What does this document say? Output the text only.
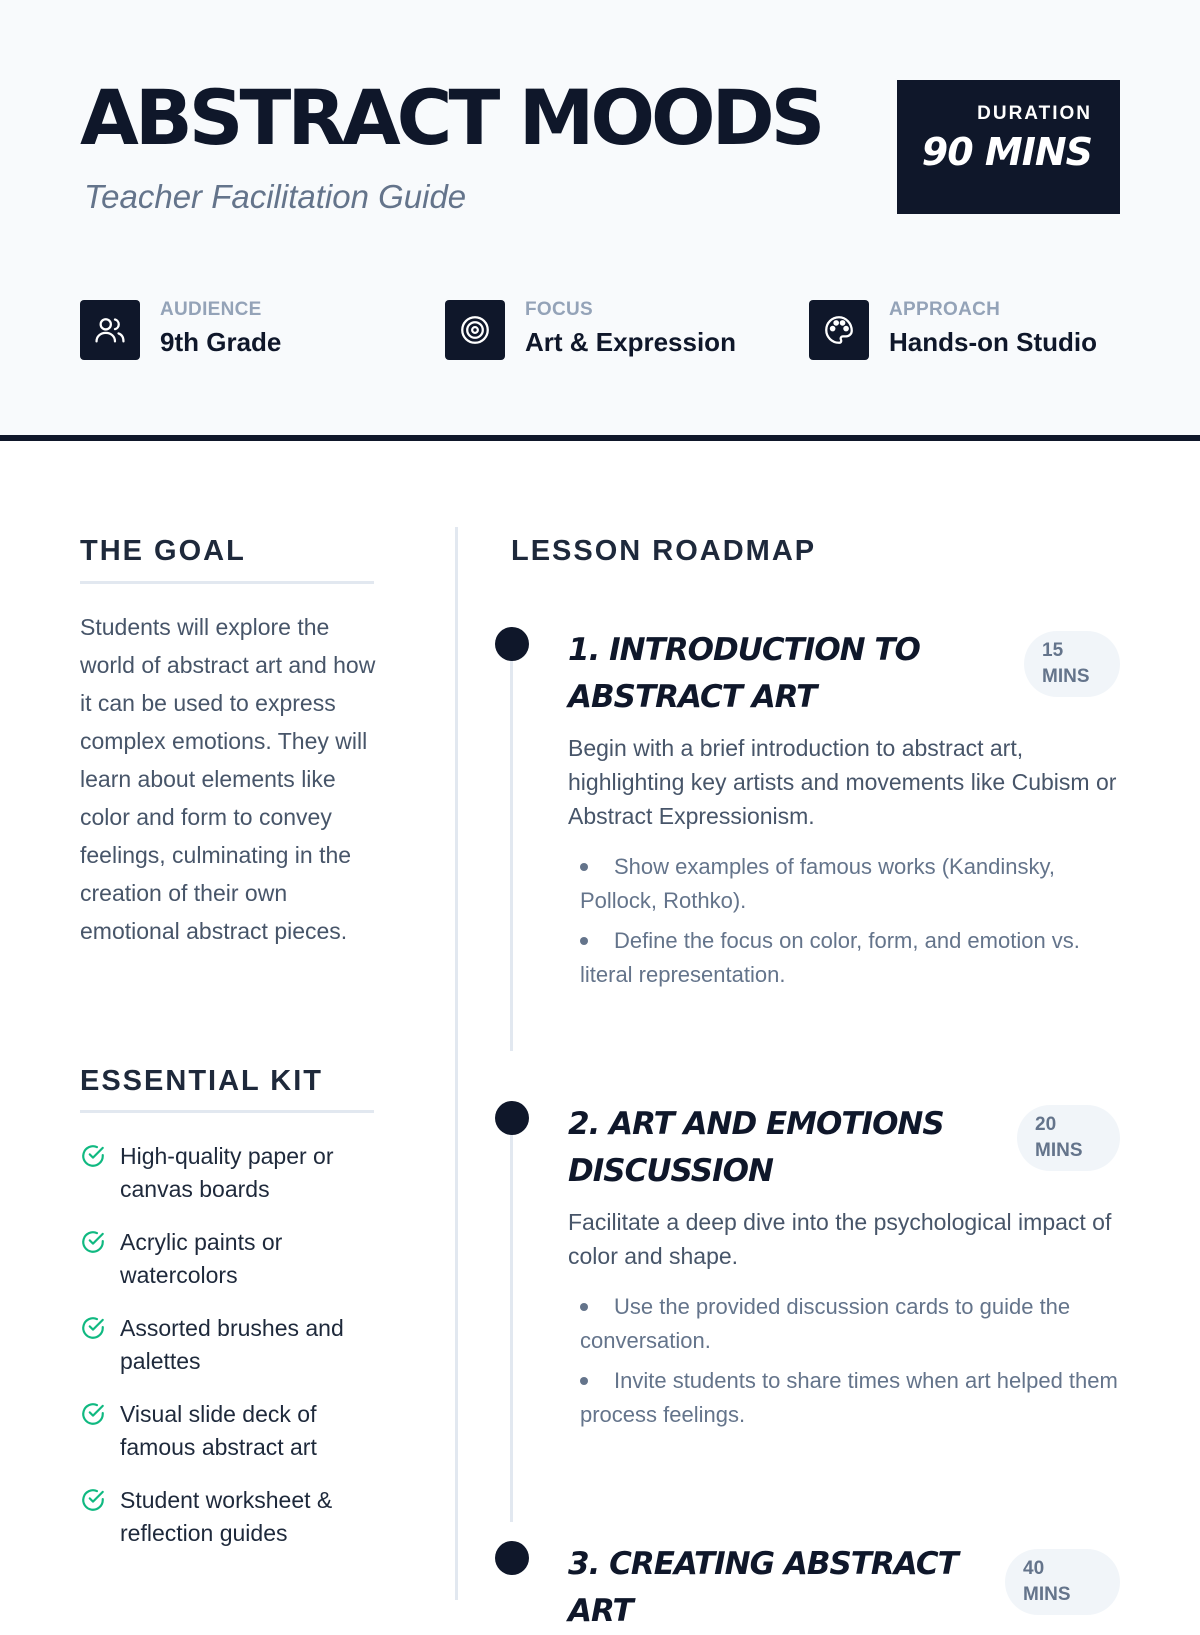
ABSTRACT MOODS
Teacher Facilitation Guide
DURATION
90 MINS
AUDIENCE
9th Grade
FOCUS
Art & Expression
APPROACH
Hands-on Studio
THE GOAL

Students will explore the world of abstract art and how it can be used to express complex emotions. They will learn about elements like color and form to convey feelings, culminating in the creation of their own emotional abstract pieces.

ESSENTIAL KIT
High-quality paper or canvas boards
Acrylic paints or watercolors
Assorted brushes and palettes
Visual slide deck of famous abstract art
Student worksheet & reflection guides
LESSON ROADMAP
1. INTRODUCTION TO ABSTRACT ART
15
MINS

Begin with a brief introduction to abstract art, highlighting key artists and movements like Cubism or Abstract Expressionism.

Show examples of famous works (Kandinsky, Pollock, Rothko).
Define the focus on color, form, and emotion vs. literal representation.
2. ART AND EMOTIONS DISCUSSION
20
MINS

Facilitate a deep dive into the psychological impact of color and shape.

Use the provided discussion cards to guide the conversation.
Invite students to share times when art helped them process feelings.
3. CREATING ABSTRACT ART
40
MINS
